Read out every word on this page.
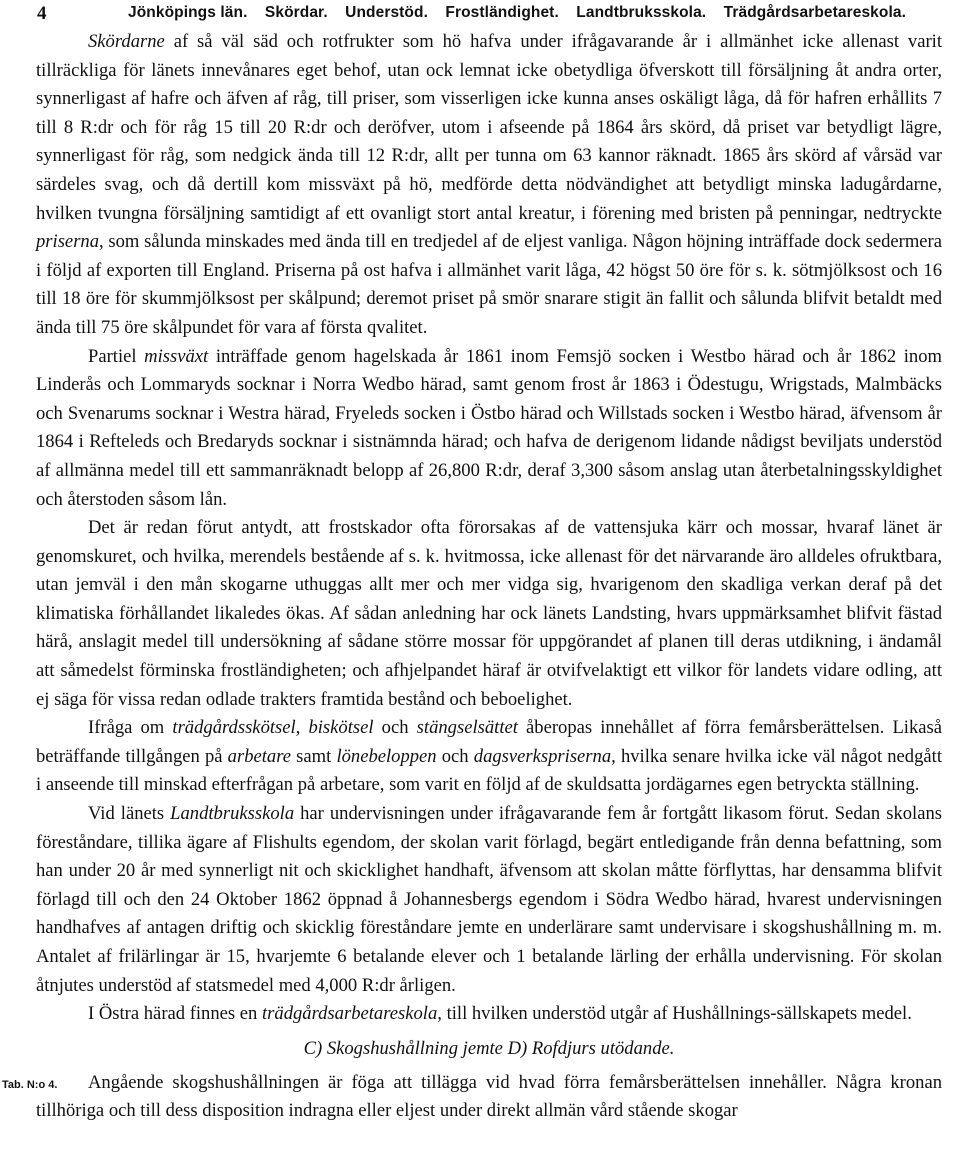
4	Jönköpings län. Skördar. Understöd. Frostländighet. Landtbruksskola. Trädgårdsarbetareskola.

Skördarne af så väl säd och rotfrukter som hö hafva under ifrågavarande år i allmänhet icke allenast varit tillräckliga för länets innevånares eget behof, utan ock lemnat icke obetydliga öfverskott till försäljning åt andra orter, synnerligast af hafre och äfven af råg, till priser, som visserligen icke kunna anses oskäligt låga, då för hafren erhållits 7 till 8 R:dr och för råg 15 till 20 R:dr och deröfver, utom i afseende på 1864 års skörd, då priset var betydligt lägre, synnerligast för råg, som nedgick ända till 12 R:dr, allt per tunna om 63 kannor räknadt. 1865 års skörd af vårsäd var särdeles svag, och då dertill kom missväxt på hö, medförde detta nödvändighet att betydligt minska ladugårdarne, hvilken tvungna försäljning samtidigt af ett ovanligt stort antal kreatur, i förening med bristen på penningar, nedtryckte priserna, som sålunda minskades med ända till en tredjedel af de eljest vanliga. Någon höjning inträffade dock sedermera i följd af exporten till England. Priserna på ost hafva i allmänhet varit låga, 42 högst 50 öre för s. k. sötmjölksost och 16 till 18 öre för skummjölksost per skålpund; deremot priset på smör snarare stigit än fallit och sålunda blifvit betaldt med ända till 75 öre skålpundet för vara af första qvalitet.

Partiel missväxt inträffade genom hagelskada år 1861 inom Femsjö socken i Westbo härad och år 1862 inom Linderås och Lommaryds socknar i Norra Wedbo härad, samt genom frost år 1863 i Ödestugu, Wrigstads, Malmbäcks och Svenarums socknar i Westra härad, Fryeleds socken i Östbo härad och Willstads socken i Westbo härad, äfvensom år 1864 i Refteleds och Bredaryds socknar i sistnämnda härad; och hafva de derigenom lidande nådigst beviljats understöd af allmänna medel till ett sammanräknadt belopp af 26,800 R:dr, deraf 3,300 såsom anslag utan återbetalningsskyldighet och återstoden såsom lån.

Det är redan förut antydt, att frostskador ofta förorsakas af de vattensjuka kärr och mossar, hvaraf länet är genomskuret, och hvilka, merendels bestående af s. k. hvitmossa, icke allenast för det närvarande äro alldeles ofruktbara, utan jemväl i den mån skogarne uthuggas allt mer och mer vidga sig, hvarigenom den skadliga verkan deraf på det klimatiska förhållandet likaledes ökas. Af sådan anledning har ock länets Landsting, hvars uppmärksamhet blifvit fästad härå, anslagit medel till undersökning af sådane större mossar för uppgörandet af planen till deras utdikning, i ändamål att såmedelst förminska frostländigheten; och afhjelpandet häraf är otvifvelaktigt ett vilkor för landets vidare odling, att ej säga för vissa redan odlade trakters framtida bestånd och beboelighet.

Ifråga om trädgårdsskötsel, biskötsel och stängselsättet åberopas innehållet af förra femårsberättelsen. Likaså beträffande tillgången på arbetare samt lönebeloppen och dagsverkspriserna, hvilka senare hvilka icke väl något nedgått i anseende till minskad efterfrågan på arbetare, som varit en följd af de skuldsatta jordägarnes egen betryckta ställning.

Vid länets Landtbruksskola har undervisningen under ifrågavarande fem år fortgått likasom förut. Sedan skolans föreståndare, tillika ägare af Flishults egendom, der skolan varit förlagd, begärt entledigande från denna befattning, som han under 20 år med synnerligt nit och skicklighet handhaft, äfvensom att skolan måtte förflyttas, har densamma blifvit förlagd till och den 24 Oktober 1862 öppnad å Johannesbergs egendom i Södra Wedbo härad, hvarest undervisningen handhafves af antagen driftig och skicklig föreståndare jemte en underlärare samt undervisare i skogshushållning m. m. Antalet af frilärlingar är 15, hvarjemte 6 betalande elever och 1 betalande lärling der erhålla undervisning. För skolan åtnjutes understöd af statsmedel med 4,000 R:dr årligen.

I Östra härad finnes en trädgårdsarbetareskola, till hvilken understöd utgår af Hushållnings-sällskapets medel.

C) Skogshushållning jemte D) Rofdjurs utödande.
Tab. N:o 4.	Angående skogshushållningen är föga att tillägga vid hvad förra femårsberättelsen innehåller. Några kronan tillhöriga och till dess disposition indragna eller eljest under direkt allmän vård stående skogar
